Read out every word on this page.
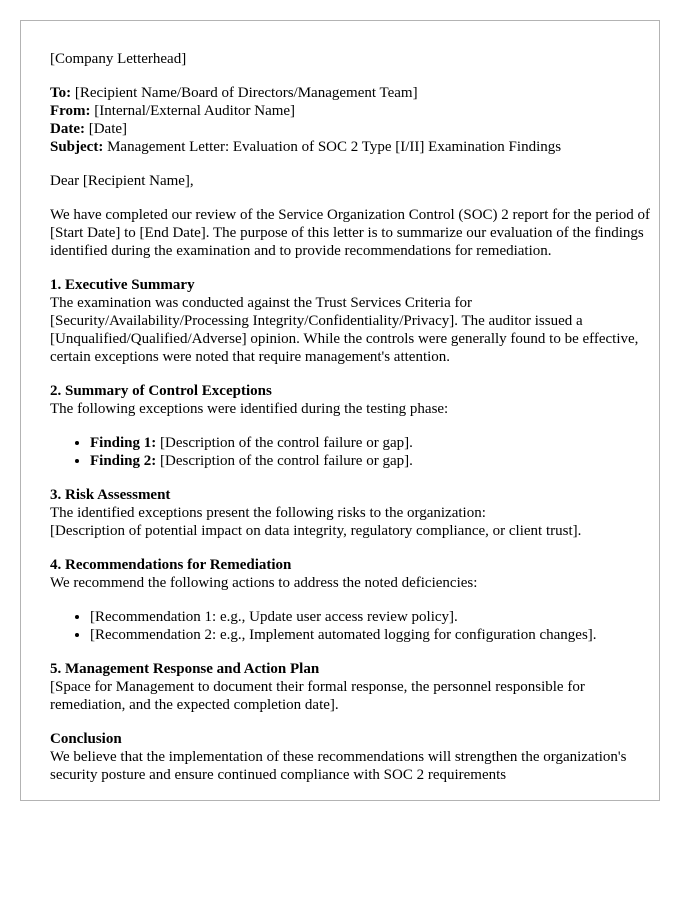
[Company Letterhead]

To: [Recipient Name/Board of Directors/Management Team]

From: [Internal/External Auditor Name]

Date: [Date]

Subject: Management Letter: Evaluation of SOC 2 Type [I/II] Examination Findings

Dear [Recipient Name],

We have completed our review of the Service Organization Control (SOC) 2 report for the period of [Start Date] to [End Date]. The purpose of this letter is to summarize our evaluation of the findings identified during the examination and to provide recommendations for remediation.

1. Executive Summary

The examination was conducted against the Trust Services Criteria for [Security/Availability/Processing Integrity/Confidentiality/Privacy]. The auditor issued a [Unqualified/Qualified/Adverse] opinion. While the controls were generally found to be effective, certain exceptions were noted that require management's attention.

2. Summary of Control Exceptions

The following exceptions were identified during the testing phase:

• Finding 1: [Description of the control failure or gap].
• Finding 2: [Description of the control failure or gap].

3. Risk Assessment

The identified exceptions present the following risks to the organization:

[Description of potential impact on data integrity, regulatory compliance, or client trust].

4. Recommendations for Remediation

We recommend the following actions to address the noted deficiencies:

• [Recommendation 1: e.g., Update user access review policy].
• [Recommendation 2: e.g., Implement automated logging for configuration changes].

5. Management Response and Action Plan

[Space for Management to document their formal response, the personnel responsible for remediation, and the expected completion date].

Conclusion

We believe that the implementation of these recommendations will strengthen the organization's security posture and ensure continued compliance with SOC 2 requirements
